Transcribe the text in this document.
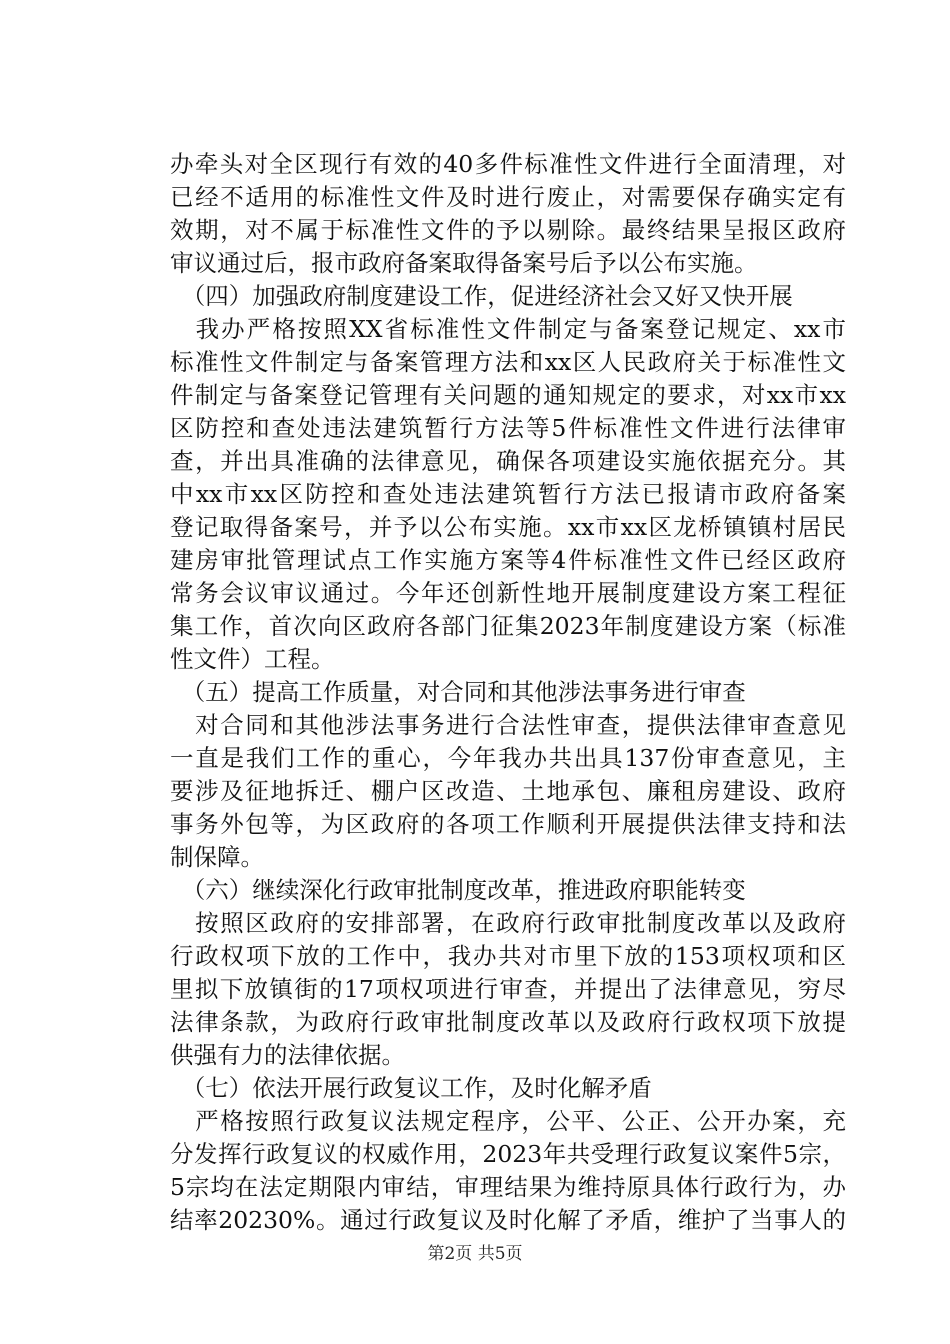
办牵头对全区现行有效的40多件标准性文件进行全面清理，对
已经不适用的标准性文件及时进行废止，对需要保存确实定有
效期，对不属于标准性文件的予以剔除。最终结果呈报区政府
审议通过后，报市政府备案取得备案号后予以公布实施。
　（四）加强政府制度建设工作，促进经济社会又好又快开展
　我办严格按照XX省标准性文件制定与备案登记规定、xx市
标准性文件制定与备案管理方法和xx区人民政府关于标准性文
件制定与备案登记管理有关问题的通知规定的要求，对xx市xx
区防控和查处违法建筑暂行方法等5件标准性文件进行法律审
查，并出具准确的法律意见，确保各项建设实施依据充分。其
中xx市xx区防控和查处违法建筑暂行方法已报请市政府备案
登记取得备案号，并予以公布实施。xx市xx区龙桥镇镇村居民
建房审批管理试点工作实施方案等4件标准性文件已经区政府
常务会议审议通过。今年还创新性地开展制度建设方案工程征
集工作，首次向区政府各部门征集2023年制度建设方案（标准
性文件）工程。
　（五）提高工作质量，对合同和其他涉法事务进行审查
　对合同和其他涉法事务进行合法性审查，提供法律审查意见
一直是我们工作的重心，今年我办共出具137份审查意见，主
要涉及征地拆迁、棚户区改造、土地承包、廉租房建设、政府
事务外包等，为区政府的各项工作顺利开展提供法律支持和法
制保障。
　（六）继续深化行政审批制度改革，推进政府职能转变
　按照区政府的安排部署，在政府行政审批制度改革以及政府
行政权项下放的工作中，我办共对市里下放的153项权项和区
里拟下放镇街的17项权项进行审查，并提出了法律意见，穷尽
法律条款，为政府行政审批制度改革以及政府行政权项下放提
供强有力的法律依据。
　（七）依法开展行政复议工作，及时化解矛盾
　严格按照行政复议法规定程序，公平、公正、公开办案，充
分发挥行政复议的权威作用，2023年共受理行政复议案件5宗，
5宗均在法定期限内审结，审理结果为维持原具体行政行为，办
结率20230%。通过行政复议及时化解了矛盾，维护了当事人的
第2页 共5页
